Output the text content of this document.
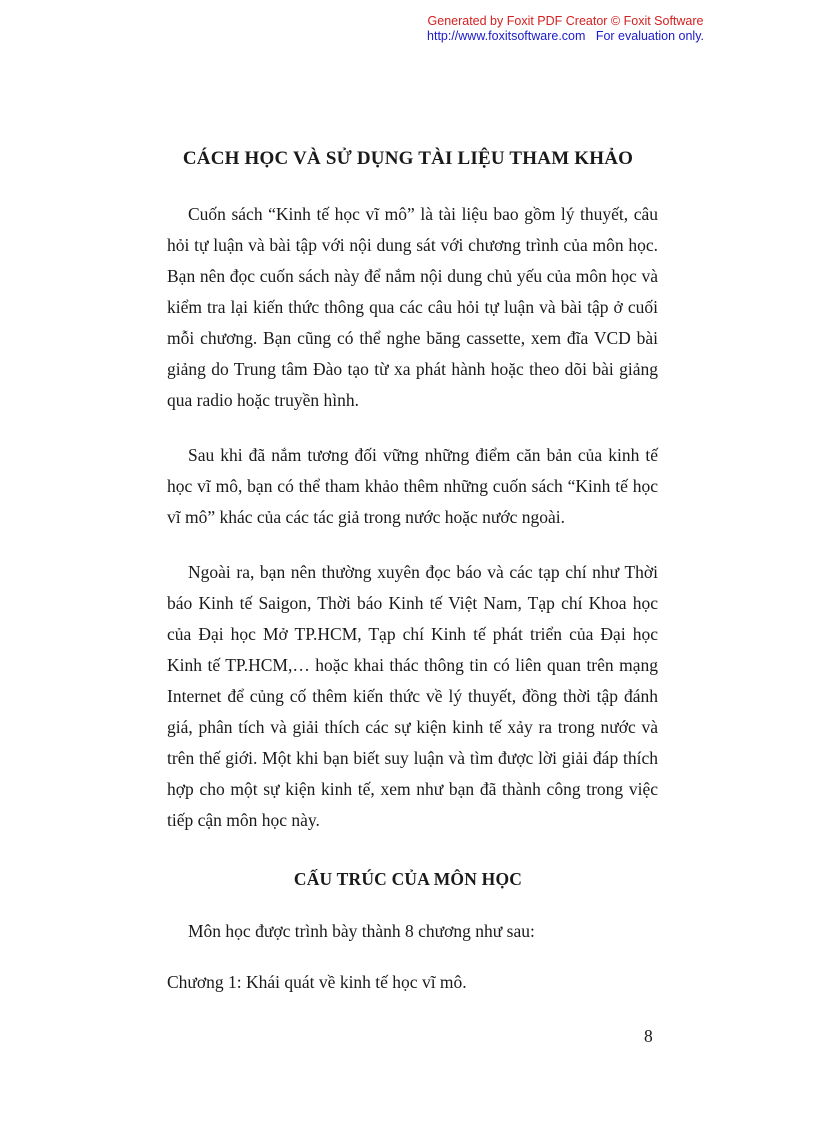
Generated by Foxit PDF Creator © Foxit Software
http://www.foxitsoftware.com For evaluation only.
CÁCH HỌC VÀ SỬ DỤNG TÀI LIỆU THAM KHẢO

Cuốn sách “Kinh tế học vĩ mô” là tài liệu bao gồm lý thuyết, câu hỏi tự luận và bài tập với nội dung sát với chương trình của môn học. Bạn nên đọc cuốn sách này để nắm nội dung chủ yếu của môn học và kiểm tra lại kiến thức thông qua các câu hỏi tự luận và bài tập ở cuối mỗi chương. Bạn cũng có thể nghe băng cassette, xem đĩa VCD bài giảng do Trung tâm Đào tạo từ xa phát hành hoặc theo dõi bài giảng qua radio hoặc truyền hình.

Sau khi đã nắm tương đối vững những điểm căn bản của kinh tế học vĩ mô, bạn có thể tham khảo thêm những cuốn sách “Kinh tế học vĩ mô” khác của các tác giả trong nước hoặc nước ngoài.

Ngoài ra, bạn nên thường xuyên đọc báo và các tạp chí như Thời báo Kinh tế Saigon, Thời báo Kinh tế Việt Nam, Tạp chí Khoa học của Đại học Mở TP.HCM, Tạp chí Kinh tế phát triển của Đại học Kinh tế TP.HCM,… hoặc khai thác thông tin có liên quan trên mạng Internet để củng cố thêm kiến thức về lý thuyết, đồng thời tập đánh giá, phân tích và giải thích các sự kiện kinh tế xảy ra trong nước và trên thế giới. Một khi bạn biết suy luận và tìm được lời giải đáp thích hợp cho một sự kiện kinh tế, xem như bạn đã thành công trong việc tiếp cận môn học này.

CẤU TRÚC CỦA MÔN HỌC

Môn học được trình bày thành 8 chương như sau:

Chương 1: Khái quát về kinh tế học vĩ mô.

8
